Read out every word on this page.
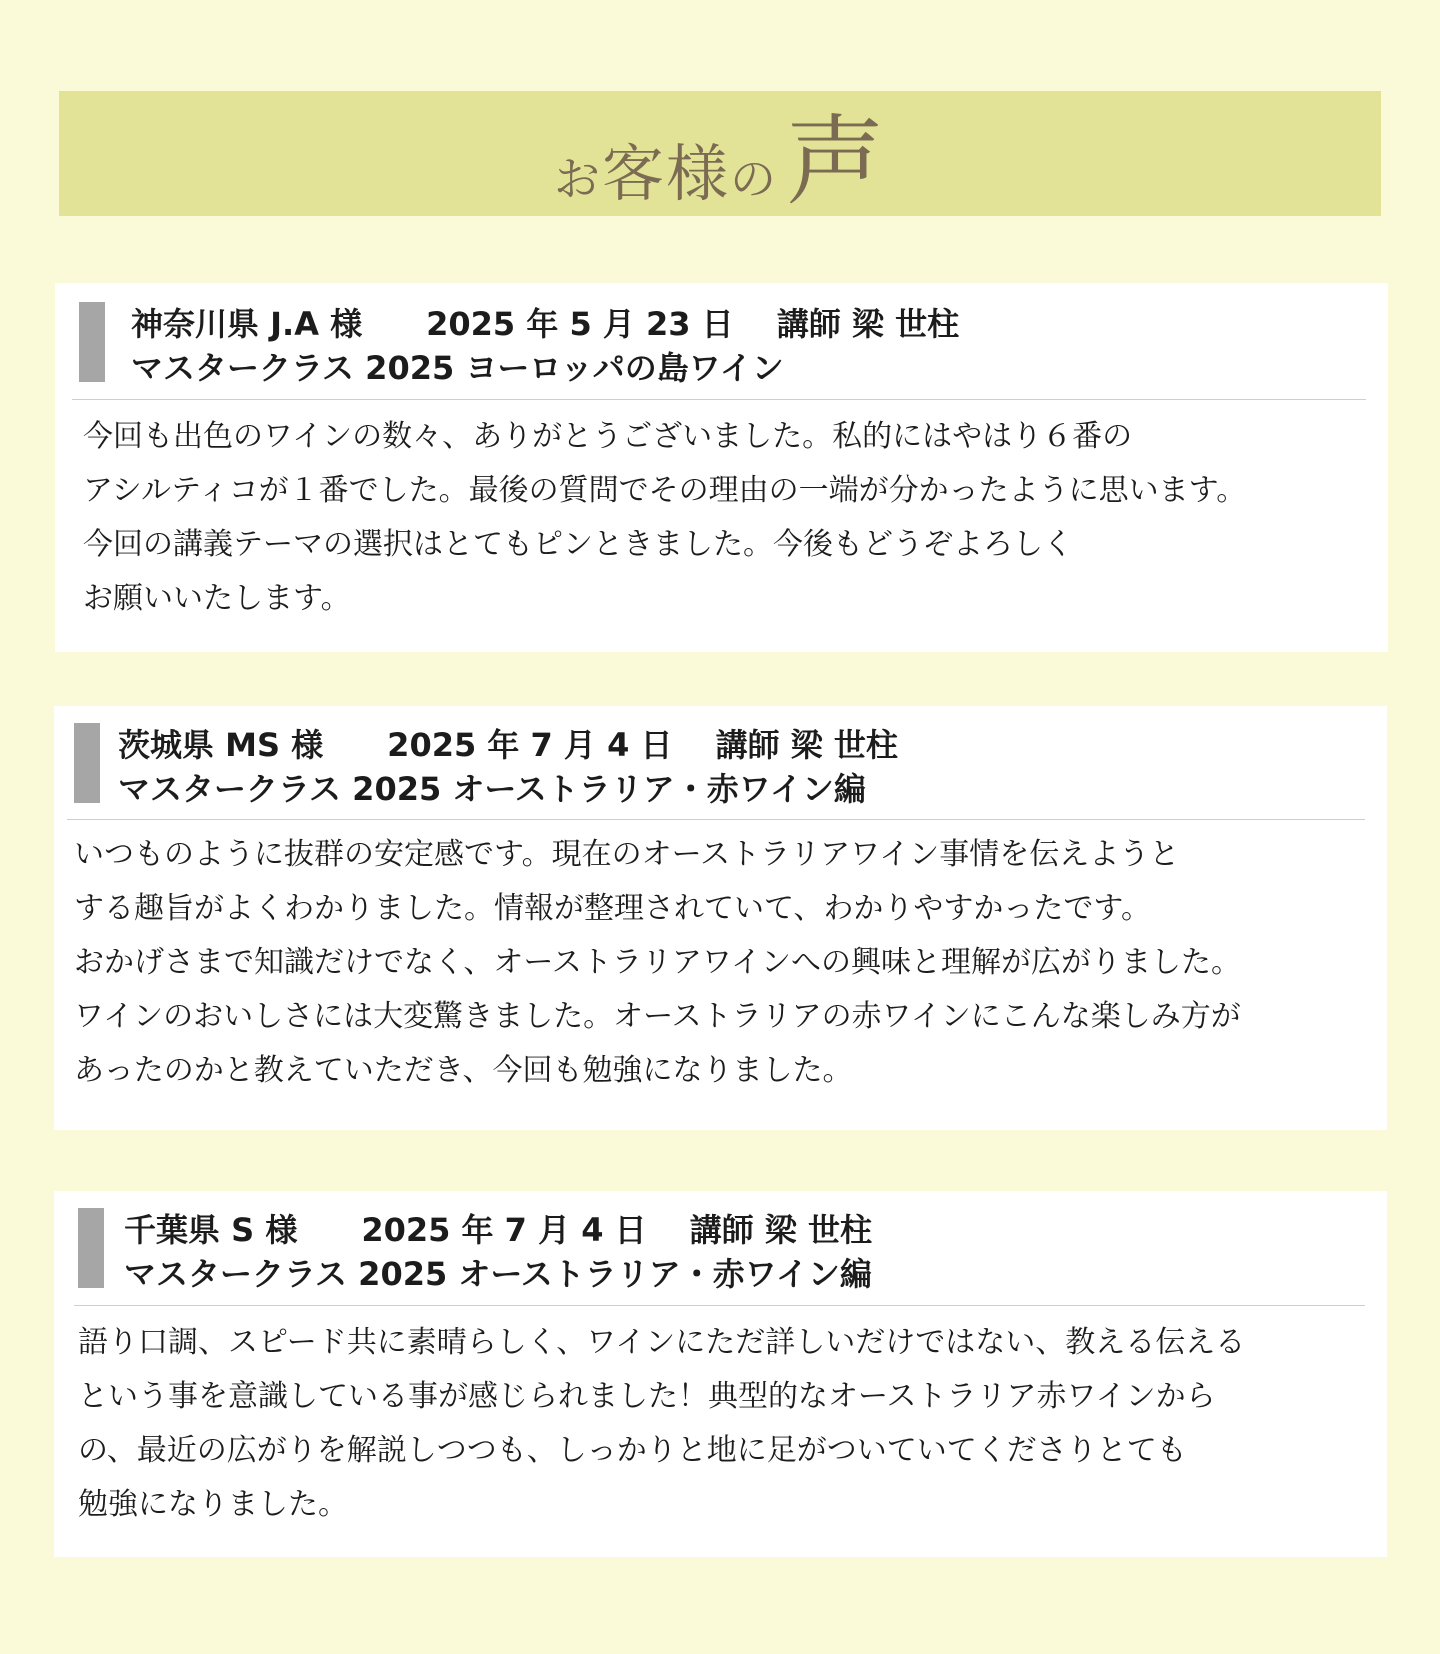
お 客様 の 声
神奈川県 J.A 様　　2025 年 5 月 23 日　 講師 梁 世柱
マスタークラス 2025 ヨーロッパの島ワイン

今回も出色のワインの数々、ありがとうございました。私的にはやはり６番の

アシルティコが１番でした。最後の質問でその理由の一端が分かったように思います。

今回の講義テーマの選択はとてもピンときました。今後もどうぞよろしく

お願いいたします。

茨城県 MS 様　　2025 年 7 月 4 日　 講師 梁 世柱
マスタークラス 2025 オーストラリア・赤ワイン編

いつものように抜群の安定感です。現在のオーストラリアワイン事情を伝えようと

する趣旨がよくわかりました。情報が整理されていて、わかりやすかったです。

おかげさまで知識だけでなく、オーストラリアワインへの興味と理解が広がりました。

ワインのおいしさには大変驚きました。オーストラリアの赤ワインにこんな楽しみ方が

あったのかと教えていただき、今回も勉強になりました。

千葉県 S 様　　2025 年 7 月 4 日　 講師 梁 世柱
マスタークラス 2025 オーストラリア・赤ワイン編

語り口調、スピード共に素晴らしく、ワインにただ詳しいだけではない、教える伝える

という事を意識している事が感じられました！典型的なオーストラリア赤ワインから

の、最近の広がりを解説しつつも、しっかりと地に足がついていてくださりとても

勉強になりました。
